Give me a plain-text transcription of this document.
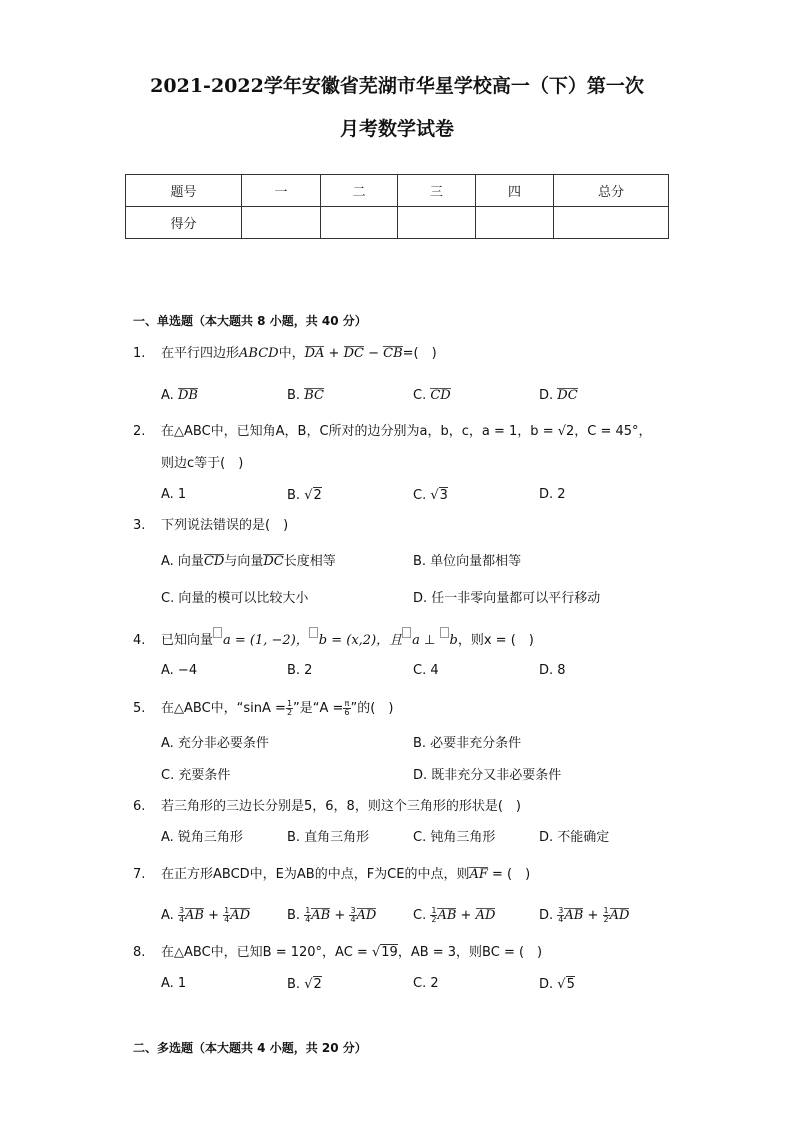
2021-2022学年安徽省芜湖市华星学校高一（下）第一次
月考数学试卷
题号	一	二	三	四	总分
得分					
一、单选题（本大题共 8 小题，共 40 分）
1. 在平行四边形ABCD中，DA + DC − CB=(　)
A. DB	B. BC	C. CD	D. DC
2. 在△ABC中，已知角A，B，C所对的边分别为a，b，c，a = 1，b = √2，C = 45°，
则边c等于(　)
A. 1	B. √2	C. √3	D. 2
3. 下列说法错误的是(　)
A. 向量CD与向量DC长度相等	B. 单位向量都相等
C. 向量的模可以比较大小	D. 任一非零向量都可以平行移动
4. 已知向量 a = (1, −2)， b = (x,2)，且 a ⊥ b，则x = (　)
A. −4	B. 2	C. 4	D. 8
5. 在△ABC中，“$\sin A = \frac{1}{2}$ ”是“$A = \frac{\pi}{6}$ ”的(　)
A. 充分非必要条件	B. 必要非充分条件
C. 充要条件	D. 既非充分又非必要条件
6. 若三角形的三边长分别是5，6，8，则这个三角形的形状是(　)
A. 锐角三角形	B. 直角三角形	C. 钝角三角形	D. 不能确定
7. 在正方形ABCD中，E为AB的中点，F为CE的中点，则AF = (　)
A. $\frac{3}{4}$ AB + $\frac{1}{4}$ AD	B. $\frac{1}{4}$ AB + $\frac{3}{4}$ AD	C. $\frac{1}{2}$ AB + AD	D. $\frac{3}{4}$ AB + $\frac{1}{2}$ AD
8. 在△ABC中，已知B = 120°，AC = √19，AB = 3，则BC = (　)
A. 1	B. √2	C. 2	D. √5
二、多选题（本大题共 4 小题，共 20 分）
